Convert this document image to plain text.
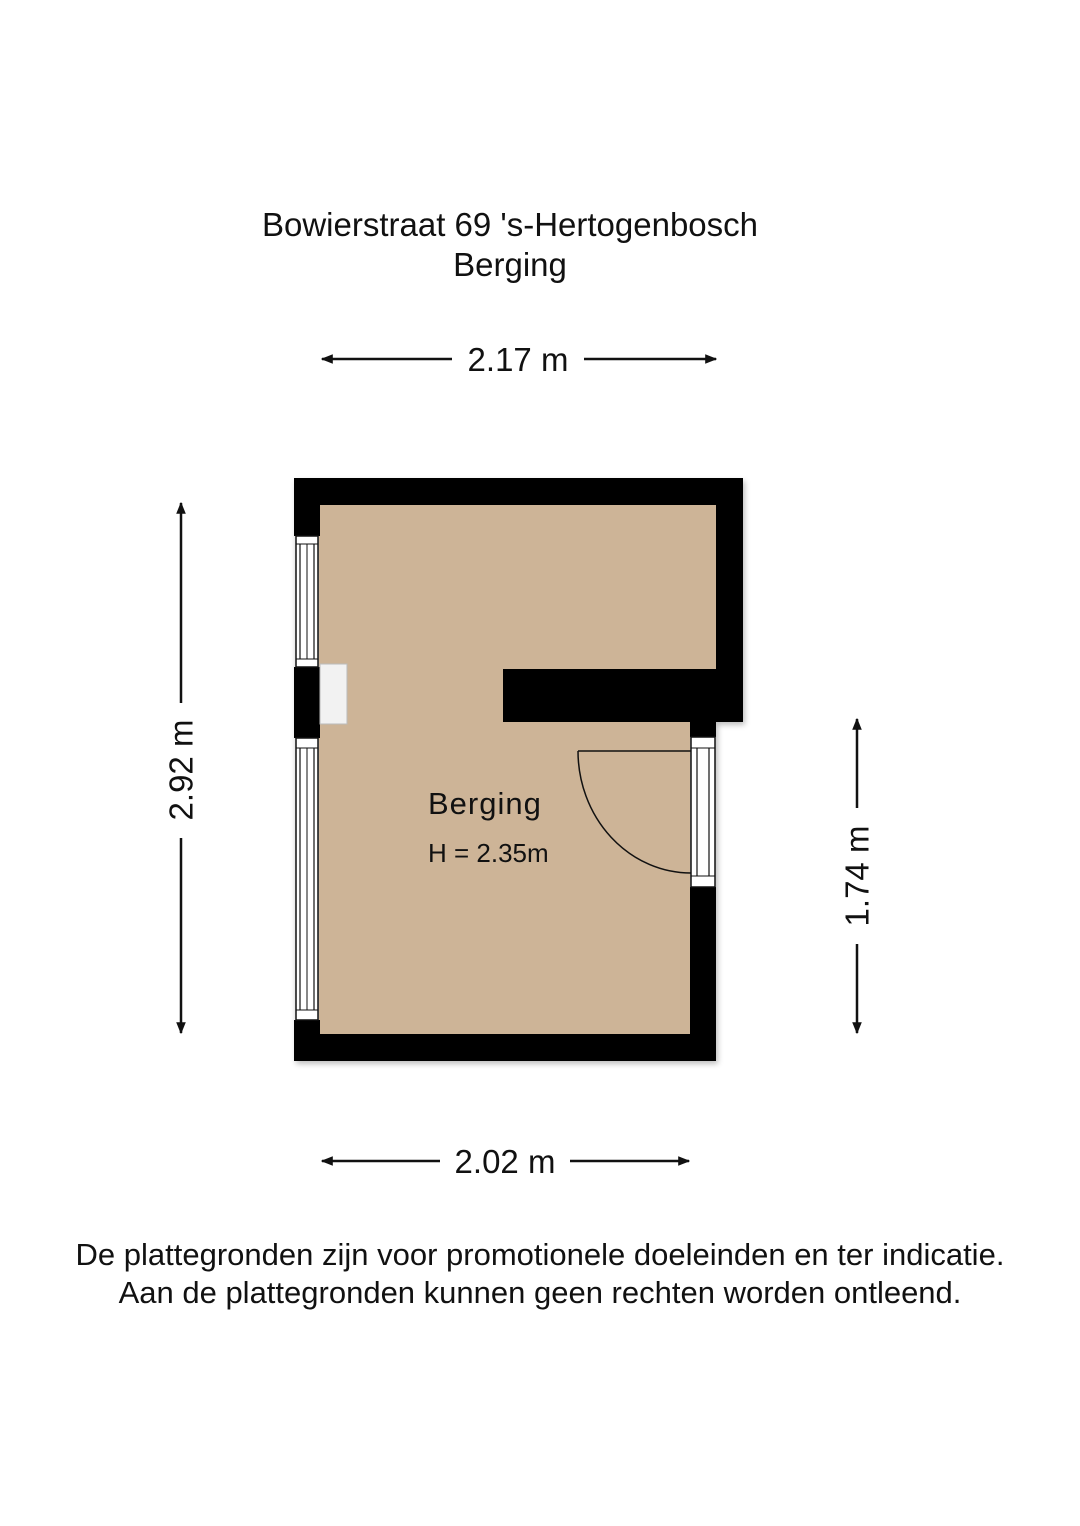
Bowierstraat 69 's-Hertogenbosch
Berging
Berging
H = 2.35m
2.17 m
2.02 m
2.92 m
1.74 m
De plattegronden zijn voor promotionele doeleinden en ter indicatie.
Aan de plattegronden kunnen geen rechten worden ontleend.
